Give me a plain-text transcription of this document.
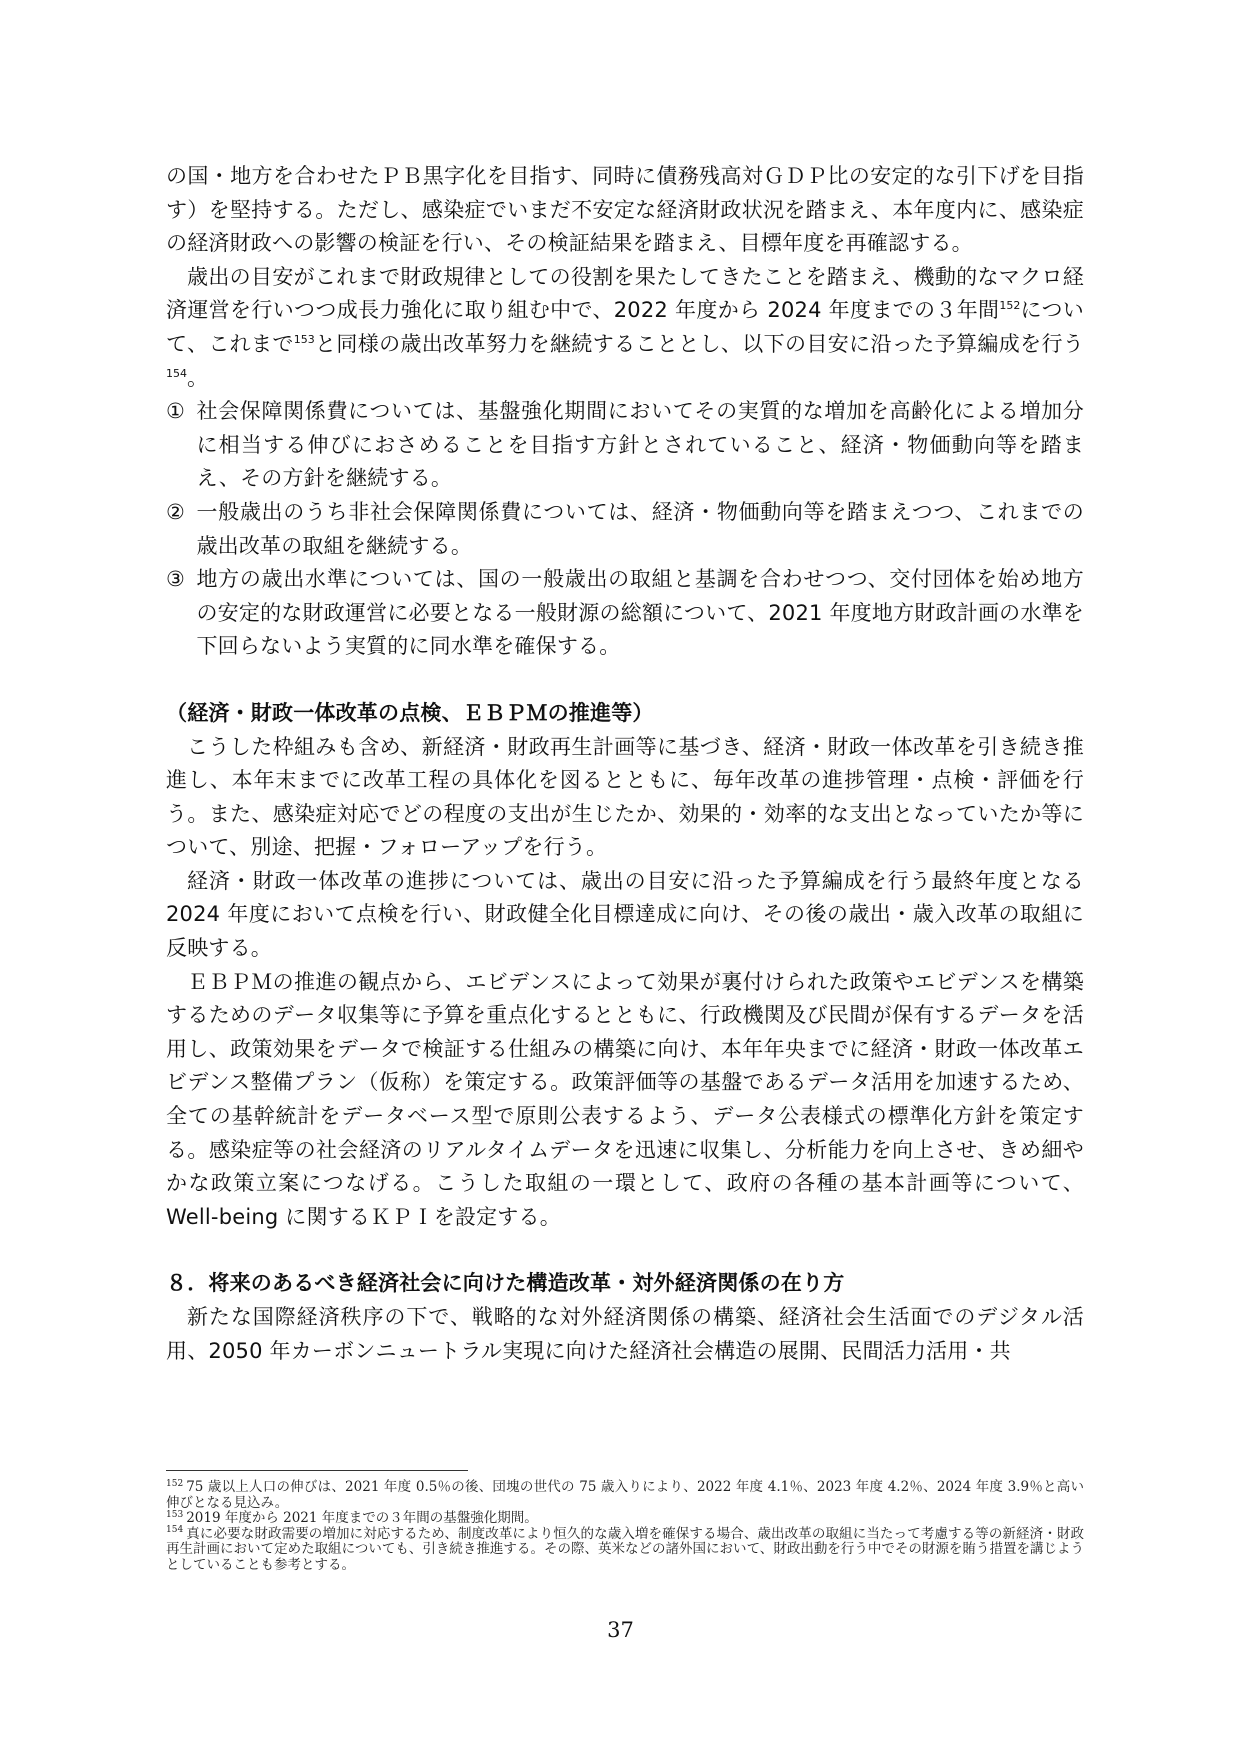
の国・地方を合わせたＰＢ黒字化を目指す、同時に債務残高対ＧＤＰ比の安定的な引下げを目指す）を堅持する。ただし、感染症でいまだ不安定な経済財政状況を踏まえ、本年度内に、感染症の経済財政への影響の検証を行い、その検証結果を踏まえ、目標年度を再確認する。

歳出の目安がこれまで財政規律としての役割を果たしてきたことを踏まえ、機動的なマクロ経済運営を行いつつ成長力強化に取り組む中で、2022 年度から 2024 年度までの３年間$^{152}$について、これまで$^{153}$と同様の歳出改革努力を継続することとし、以下の目安に沿った予算編成を行う$^{154}$。

① 社会保障関係費については、基盤強化期間においてその実質的な増加を高齢化による増加分に相当する伸びにおさめることを目指す方針とされていること、経済・物価動向等を踏まえ、その方針を継続する。
② 一般歳出のうち非社会保障関係費については、経済・物価動向等を踏まえつつ、これまでの歳出改革の取組を継続する。
③ 地方の歳出水準については、国の一般歳出の取組と基調を合わせつつ、交付団体を始め地方の安定的な財政運営に必要となる一般財源の総額について、2021 年度地方財政計画の水準を下回らないよう実質的に同水準を確保する。

（経済・財政一体改革の点検、ＥＢＰＭの推進等）

こうした枠組みも含め、新経済・財政再生計画等に基づき、経済・財政一体改革を引き続き推進し、本年末までに改革工程の具体化を図るとともに、毎年改革の進捗管理・点検・評価を行う。また、感染症対応でどの程度の支出が生じたか、効果的・効率的な支出となっていたか等について、別途、把握・フォローアップを行う。

経済・財政一体改革の進捗については、歳出の目安に沿った予算編成を行う最終年度となる 2024 年度において点検を行い、財政健全化目標達成に向け、その後の歳出・歳入改革の取組に反映する。

ＥＢＰＭの推進の観点から、エビデンスによって効果が裏付けられた政策やエビデンスを構築するためのデータ収集等に予算を重点化するとともに、行政機関及び民間が保有するデータを活用し、政策効果をデータで検証する仕組みの構築に向け、本年年央までに経済・財政一体改革エビデンス整備プラン（仮称）を策定する。政策評価等の基盤であるデータ活用を加速するため、全ての基幹統計をデータベース型で原則公表するよう、データ公表様式の標準化方針を策定する。感染症等の社会経済のリアルタイムデータを迅速に収集し、分析能力を向上させ、きめ細やかな政策立案につなげる。こうした取組の一環として、政府の各種の基本計画等について、Well-being に関するＫＰＩを設定する。

８．将来のあるべき経済社会に向けた構造改革・対外経済関係の在り方

新たな国際経済秩序の下で、戦略的な対外経済関係の構築、経済社会生活面でのデジタル活用、2050 年カーボンニュートラル実現に向けた経済社会構造の展開、民間活力活用・共

$^{152}$ 75 歳以上人口の伸びは、2021 年度 0.5％の後、団塊の世代の 75 歳入りにより、2022 年度 4.1％、2023 年度 4.2％、2024 年度 3.9％と高い伸びとなる見込み。

$^{153}$ 2019 年度から 2021 年度までの３年間の基盤強化期間。

$^{154}$ 真に必要な財政需要の増加に対応するため、制度改革により恒久的な歳入増を確保する場合、歳出改革の取組に当たって考慮する等の新経済・財政再生計画において定めた取組についても、引き続き推進する。その際、英米などの諸外国において、財政出動を行う中でその財源を賄う措置を講じようとしていることも参考とする。

37
